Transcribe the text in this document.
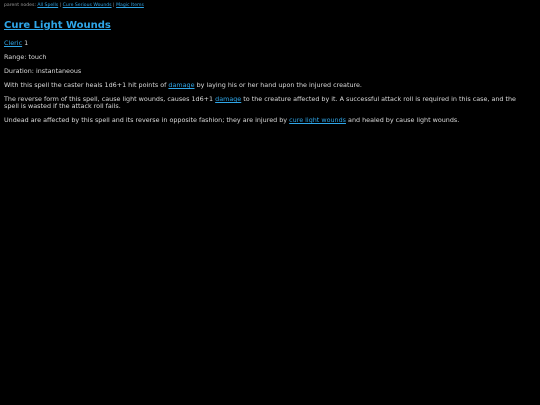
parent nodes: All Spells | Cure Serious Wounds | Magic Items
Cure Light Wounds

Cleric 1

Range: touch

Duration: instantaneous

With this spell the caster heals 1d6+1 hit points of damage by laying his or her hand upon the injured creature.

The reverse form of this spell, cause light wounds, causes 1d6+1 damage to the creature affected by it. A successful attack roll is required in this case, and the spell is wasted if the attack roll fails.

Undead are affected by this spell and its reverse in opposite fashion; they are injured by cure light wounds and healed by cause light wounds.
